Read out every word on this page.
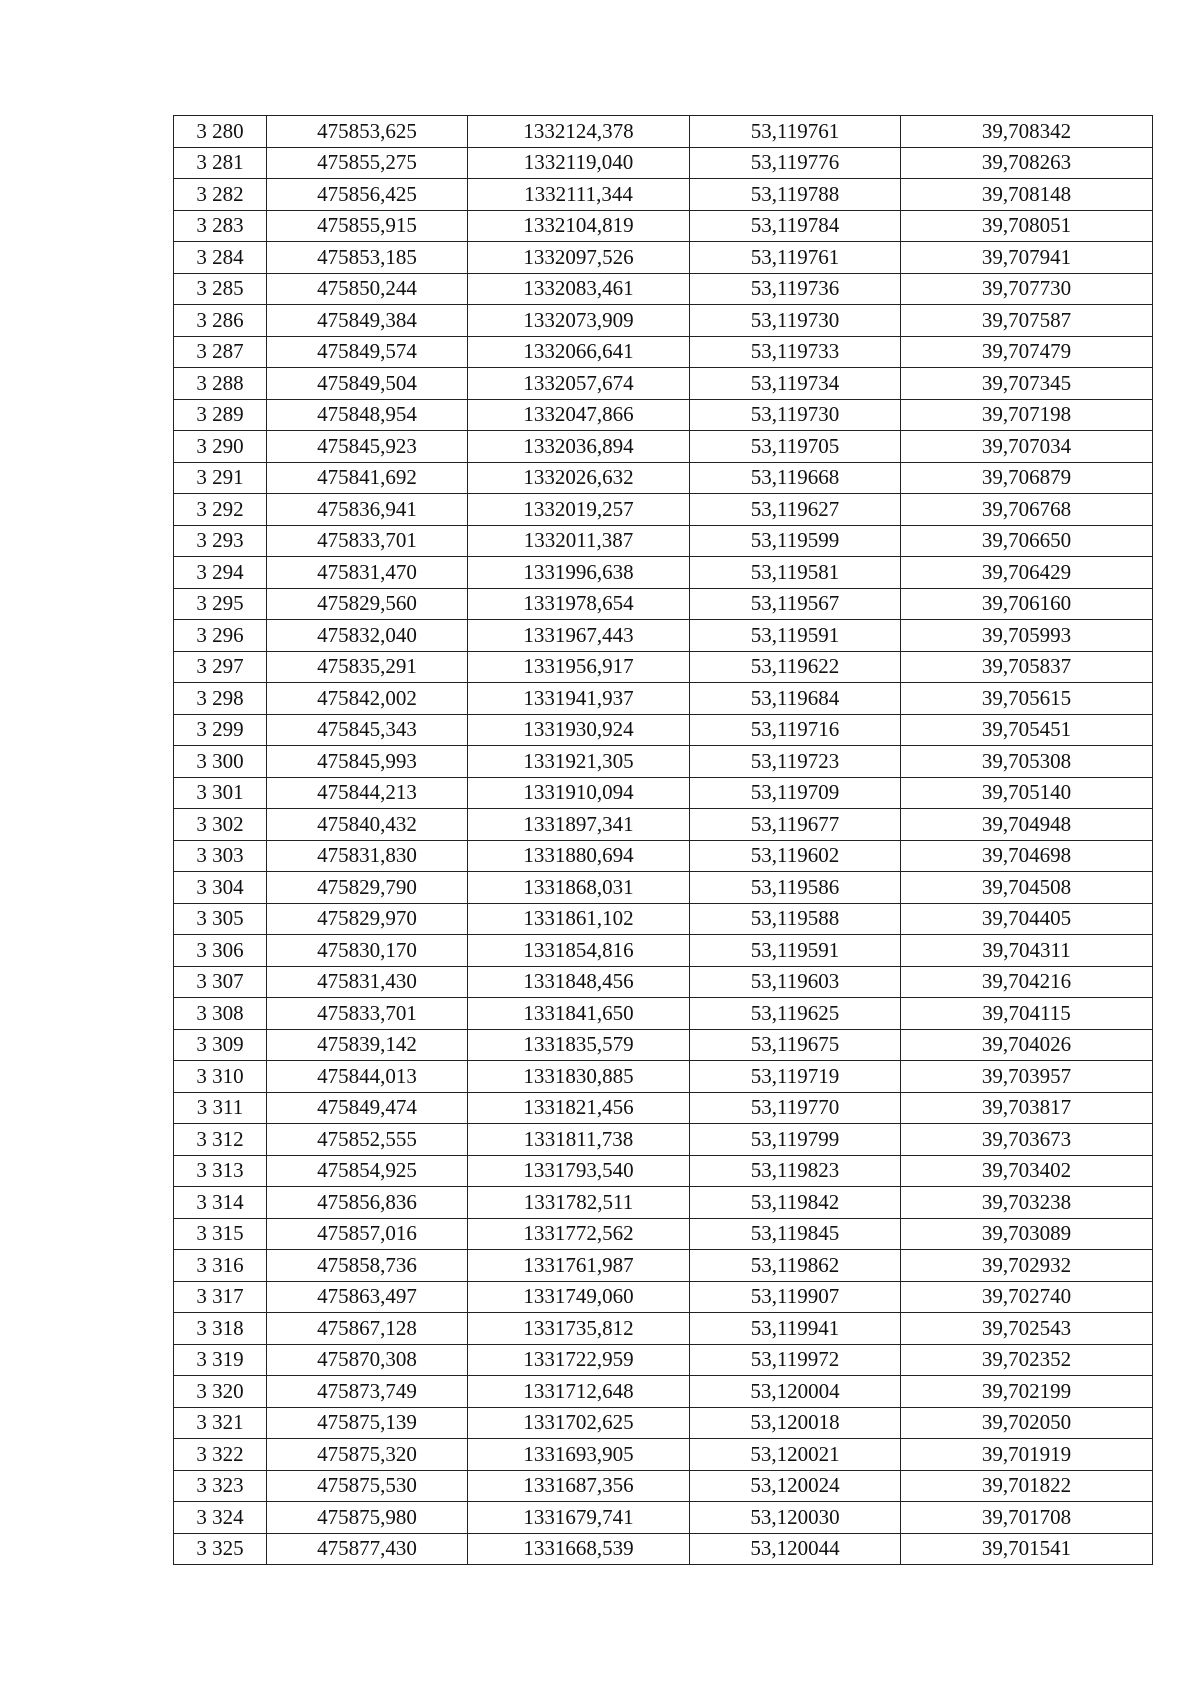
3 280	475853,625	1332124,378	53,119761	39,708342
3 281	475855,275	1332119,040	53,119776	39,708263
3 282	475856,425	1332111,344	53,119788	39,708148
3 283	475855,915	1332104,819	53,119784	39,708051
3 284	475853,185	1332097,526	53,119761	39,707941
3 285	475850,244	1332083,461	53,119736	39,707730
3 286	475849,384	1332073,909	53,119730	39,707587
3 287	475849,574	1332066,641	53,119733	39,707479
3 288	475849,504	1332057,674	53,119734	39,707345
3 289	475848,954	1332047,866	53,119730	39,707198
3 290	475845,923	1332036,894	53,119705	39,707034
3 291	475841,692	1332026,632	53,119668	39,706879
3 292	475836,941	1332019,257	53,119627	39,706768
3 293	475833,701	1332011,387	53,119599	39,706650
3 294	475831,470	1331996,638	53,119581	39,706429
3 295	475829,560	1331978,654	53,119567	39,706160
3 296	475832,040	1331967,443	53,119591	39,705993
3 297	475835,291	1331956,917	53,119622	39,705837
3 298	475842,002	1331941,937	53,119684	39,705615
3 299	475845,343	1331930,924	53,119716	39,705451
3 300	475845,993	1331921,305	53,119723	39,705308
3 301	475844,213	1331910,094	53,119709	39,705140
3 302	475840,432	1331897,341	53,119677	39,704948
3 303	475831,830	1331880,694	53,119602	39,704698
3 304	475829,790	1331868,031	53,119586	39,704508
3 305	475829,970	1331861,102	53,119588	39,704405
3 306	475830,170	1331854,816	53,119591	39,704311
3 307	475831,430	1331848,456	53,119603	39,704216
3 308	475833,701	1331841,650	53,119625	39,704115
3 309	475839,142	1331835,579	53,119675	39,704026
3 310	475844,013	1331830,885	53,119719	39,703957
3 311	475849,474	1331821,456	53,119770	39,703817
3 312	475852,555	1331811,738	53,119799	39,703673
3 313	475854,925	1331793,540	53,119823	39,703402
3 314	475856,836	1331782,511	53,119842	39,703238
3 315	475857,016	1331772,562	53,119845	39,703089
3 316	475858,736	1331761,987	53,119862	39,702932
3 317	475863,497	1331749,060	53,119907	39,702740
3 318	475867,128	1331735,812	53,119941	39,702543
3 319	475870,308	1331722,959	53,119972	39,702352
3 320	475873,749	1331712,648	53,120004	39,702199
3 321	475875,139	1331702,625	53,120018	39,702050
3 322	475875,320	1331693,905	53,120021	39,701919
3 323	475875,530	1331687,356	53,120024	39,701822
3 324	475875,980	1331679,741	53,120030	39,701708
3 325	475877,430	1331668,539	53,120044	39,701541
